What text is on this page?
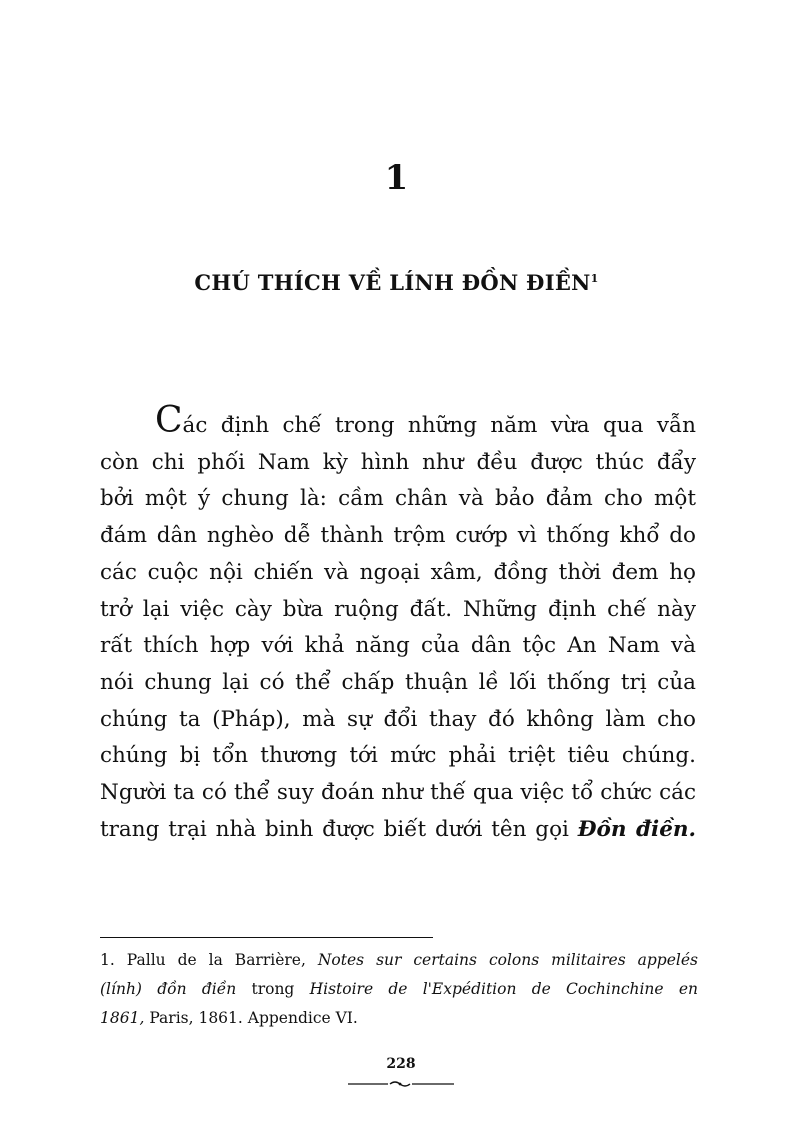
1
CHÚ THÍCH VỀ LÍNH ĐỒN ĐIỀN$^1$
Các định chế trong những năm vừa qua vẫn
còn chi phối Nam kỳ hình như đều được thúc đẩy
bởi một ý chung là: cầm chân và bảo đảm cho một
đám dân nghèo dễ thành trộm cướp vì thống khổ do
các cuộc nội chiến và ngoại xâm, đồng thời đem họ
trở lại việc cày bừa ruộng đất. Những định chế này
rất thích hợp với khả năng của dân tộc An Nam và
nói chung lại có thể chấp thuận lề lối thống trị của
chúng ta (Pháp), mà sự đổi thay đó không làm cho
chúng bị tổn thương tới mức phải triệt tiêu chúng.
Người ta có thể suy đoán như thế qua việc tổ chức các
trang trại nhà binh được biết dưới tên gọi Đồn điền.
1. Pallu de la Barrière, Notes sur certains colons militaires appelés
(lính) đồn điền trong Histoire de l'Expédition de Cochinchine en
1861, Paris, 1861. Appendice VI.
228
